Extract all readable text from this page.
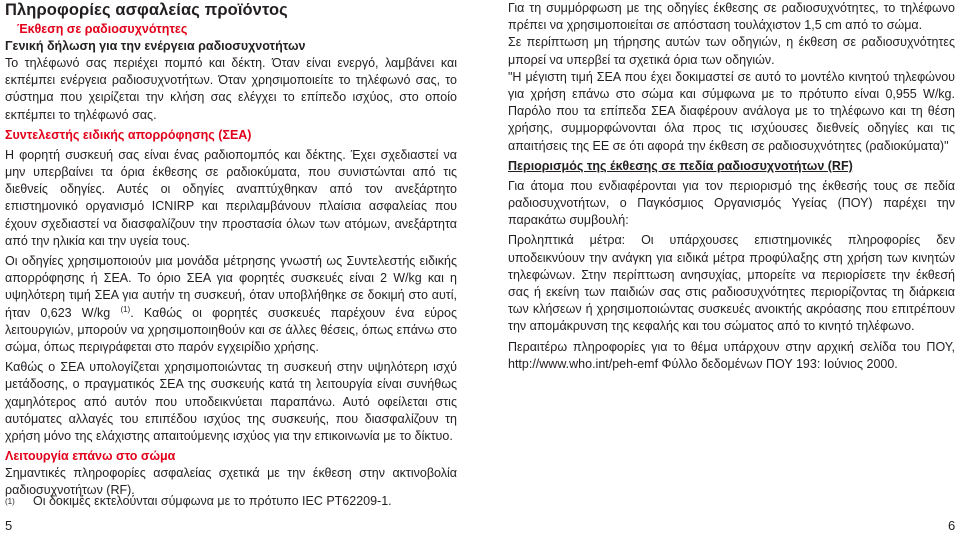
Πληροφορίες ασφαλείας προϊόντος
Έκθεση σε ραδιοσυχνότητες
Γενική δήλωση για την ενέργεια ραδιοσυχνοτήτων

Το τηλέφωνό σας περιέχει πομπό και δέκτη. Όταν είναι ενεργό, λαμβάνει και εκπέμπει ενέργεια ραδιοσυχνοτήτων. Όταν χρησιμοποιείτε το τηλέφωνό σας, το σύστημα που χειρίζεται την κλήση σας ελέγχει το επίπεδο ισχύος, στο οποίο εκπέμπει το τηλέφωνό σας.

Συντελεστής ειδικής απορρόφησης (ΣΕΑ)

Η φορητή συσκευή σας είναι ένας ραδιοπομπός και δέκτης. Έχει σχεδιαστεί να μην υπερβαίνει τα όρια έκθεσης σε ραδιοκύματα, που συνιστώνται από τις διεθνείς οδηγίες. Αυτές οι οδηγίες αναπτύχθηκαν από τον ανεξάρτητο επιστημονικό οργανισμό ICNIRP και περιλαμβάνουν πλαίσια ασφαλείας που έχουν σχεδιαστεί να διασφαλίζουν την προστασία όλων των ατόμων, ανεξάρτητα από την ηλικία και την υγεία τους.

Οι οδηγίες χρησιμοποιούν μια μονάδα μέτρησης γνωστή ως Συντελεστής ειδικής απορρόφησης ή ΣΕΑ. Το όριο ΣΕΑ για φορητές συσκευές είναι 2 W/kg και η υψηλότερη τιμή ΣΕΑ για αυτήν τη συσκευή, όταν υποβλήθηκε σε δοκιμή στο αυτί, ήταν 0,623 W/kg $^{(1)}$. Καθώς οι φορητές συσκευές παρέχουν ένα εύρος λειτουργιών, μπορούν να χρησιμοποιηθούν και σε άλλες θέσεις, όπως επάνω στο σώμα, όπως περιγράφεται στο παρόν εγχειρίδιο χρήσης.

Καθώς ο ΣΕΑ υπολογίζεται χρησιμοποιώντας τη συσκευή στην υψηλότερη ισχύ μετάδοσης, ο πραγματικός ΣΕΑ της συσκευής κατά τη λειτουργία είναι συνήθως χαμηλότερος από αυτόν που υποδεικνύεται παραπάνω. Αυτό οφείλεται στις αυτόματες αλλαγές του επιπέδου ισχύος της συσκευής, που διασφαλίζουν τη χρήση μόνο της ελάχιστης απαιτούμενης ισχύος για την επικοινωνία με το δίκτυο.

Λειτουργία επάνω στο σώμα

Σημαντικές πληροφορίες ασφαλείας σχετικά με την έκθεση στην ακτινοβολία ραδιοσυχνοτήτων (RF).

Για τη συμμόρφωση με της οδηγίες έκθεσης σε ραδιοσυχνότητες, το τηλέφωνο πρέπει να χρησιμοποιείται σε απόσταση τουλάχιστον 1,5 cm από το σώμα.

Σε περίπτωση μη τήρησης αυτών των οδηγιών, η έκθεση σε ραδιοσυχνότητες μπορεί να υπερβεί τα σχετικά όρια των οδηγιών.

"Η μέγιστη τιμή ΣΕΑ που έχει δοκιμαστεί σε αυτό το μοντέλο κινητού τηλεφώνου για χρήση επάνω στο σώμα και σύμφωνα με το πρότυπο είναι 0,955 W/kg. Παρόλο που τα επίπεδα ΣΕΑ διαφέρουν ανάλογα με το τηλέφωνο και τη θέση χρήσης, συμμορφώνονται όλα προς τις ισχύουσες διεθνείς οδηγίες και τις απαιτήσεις της ΕΕ σε ότι αφορά την έκθεση σε ραδιοσυχνότητες (ραδιοκύματα)"

Περιορισμός της έκθεσης σε πεδία ραδιοσυχνοτήτων (RF)

Για άτομα που ενδιαφέρονται για τον περιορισμό της έκθεσής τους σε πεδία ραδιοσυχνοτήτων, ο Παγκόσμιος Οργανισμός Υγείας (ΠΟΥ) παρέχει την παρακάτω συμβουλή:

Προληπτικά μέτρα: Οι υπάρχουσες επιστημονικές πληροφορίες δεν υποδεικνύουν την ανάγκη για ειδικά μέτρα προφύλαξης στη χρήση των κινητών τηλεφώνων. Στην περίπτωση ανησυχίας, μπορείτε να περιορίσετε την έκθεσή σας ή εκείνη των παιδιών σας στις ραδιοσυχνότητες περιορίζοντας τη διάρκεια των κλήσεων ή χρησιμοποιώντας συσκευές ανοικτής ακρόασης που επιτρέπουν την απομάκρυνση της κεφαλής και του σώματος από το κινητό τηλέφωνο.

Περαιτέρω πληροφορίες για το θέμα υπάρχουν στην αρχική σελίδα του ΠΟΥ, http://www.who.int/peh-emf Φύλλο δεδομένων ΠΟΥ 193: Ιούνιος 2000.

(1) Οι δοκιμές εκτελούνται σύμφωνα με το πρότυπο IEC PT62209-1.
5	6
